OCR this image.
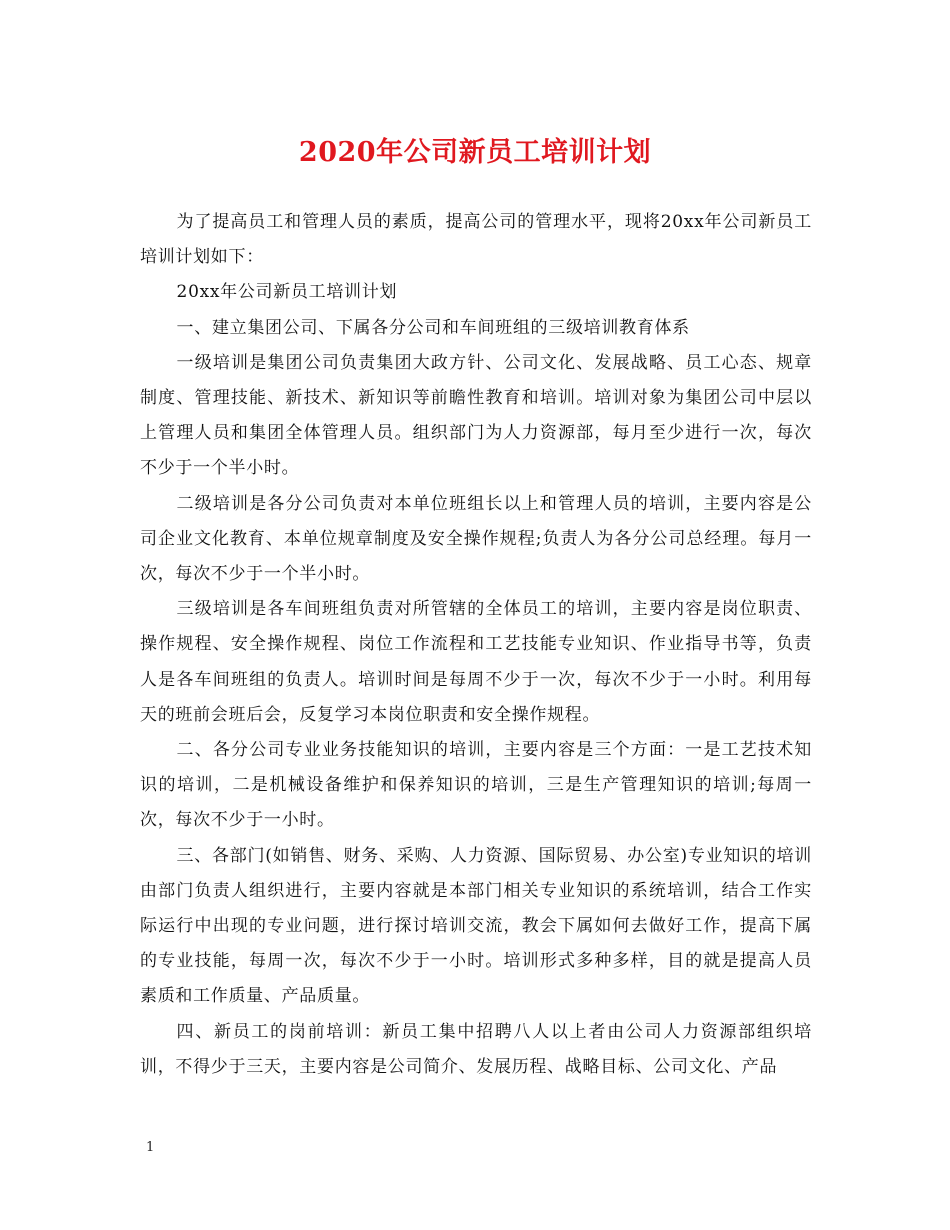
2020年公司新员工培训计划

为了提高员工和管理人员的素质，提高公司的管理水平，现将20xx年公司新员工培训计划如下：

20xx年公司新员工培训计划

一、建立集团公司、下属各分公司和车间班组的三级培训教育体系

一级培训是集团公司负责集团大政方针、公司文化、发展战略、员工心态、规章制度、管理技能、新技术、新知识等前瞻性教育和培训。培训对象为集团公司中层以上管理人员和集团全体管理人员。组织部门为人力资源部，每月至少进行一次，每次不少于一个半小时。

二级培训是各分公司负责对本单位班组长以上和管理人员的培训，主要内容是公司企业文化教育、本单位规章制度及安全操作规程;负责人为各分公司总经理。每月一次，每次不少于一个半小时。

三级培训是各车间班组负责对所管辖的全体员工的培训，主要内容是岗位职责、操作规程、安全操作规程、岗位工作流程和工艺技能专业知识、作业指导书等，负责人是各车间班组的负责人。培训时间是每周不少于一次，每次不少于一小时。利用每天的班前会班后会，反复学习本岗位职责和安全操作规程。

二、各分公司专业业务技能知识的培训，主要内容是三个方面：一是工艺技术知识的培训，二是机械设备维护和保养知识的培训，三是生产管理知识的培训;每周一次，每次不少于一小时。

三、各部门(如销售、财务、采购、人力资源、国际贸易、办公室)专业知识的培训由部门负责人组织进行，主要内容就是本部门相关专业知识的系统培训，结合工作实际运行中出现的专业问题，进行探讨培训交流，教会下属如何去做好工作，提高下属的专业技能，每周一次，每次不少于一小时。培训形式多种多样，目的就是提高人员素质和工作质量、产品质量。

四、新员工的岗前培训：新员工集中招聘八人以上者由公司人力资源部组织培训，不得少于三天，主要内容是公司简介、发展历程、战略目标、公司文化、产品

1
